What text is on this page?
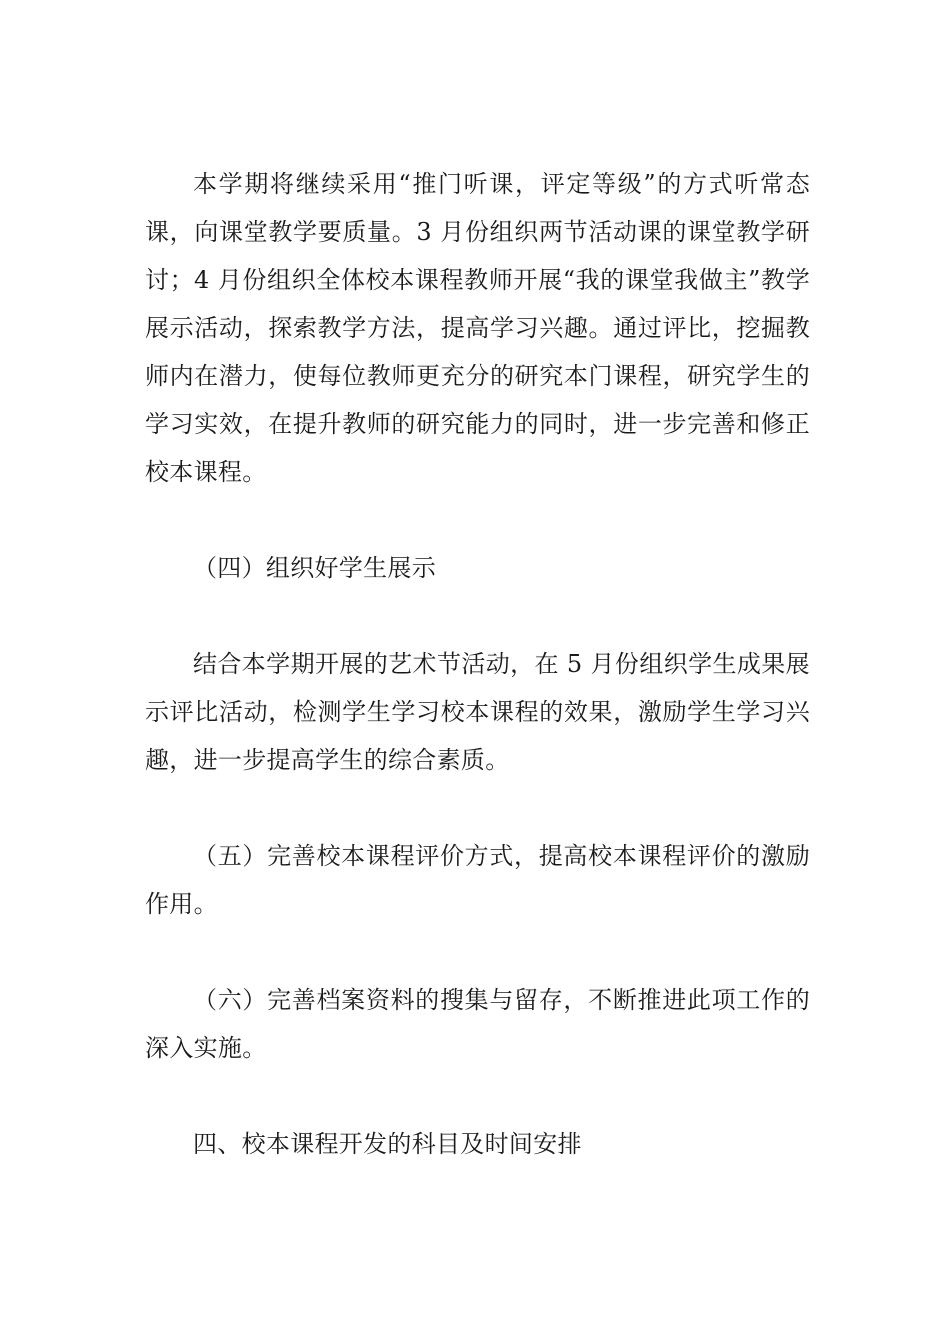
本学期将继续采用“推门听课，评定等级”的方式听常态课，向课堂教学要质量。3 月份组织两节活动课的课堂教学研讨；4 月份组织全体校本课程教师开展“我的课堂我做主”教学展示活动，探索教学方法，提高学习兴趣。通过评比，挖掘教师内在潜力，使每位教师更充分的研究本门课程，研究学生的学习实效，在提升教师的研究能力的同时，进一步完善和修正校本课程。

（四）组织好学生展示

结合本学期开展的艺术节活动，在 5 月份组织学生成果展示评比活动，检测学生学习校本课程的效果，激励学生学习兴趣，进一步提高学生的综合素质。

（五）完善校本课程评价方式，提高校本课程评价的激励作用。

（六）完善档案资料的搜集与留存，不断推进此项工作的深入实施。

四、校本课程开发的科目及时间安排
